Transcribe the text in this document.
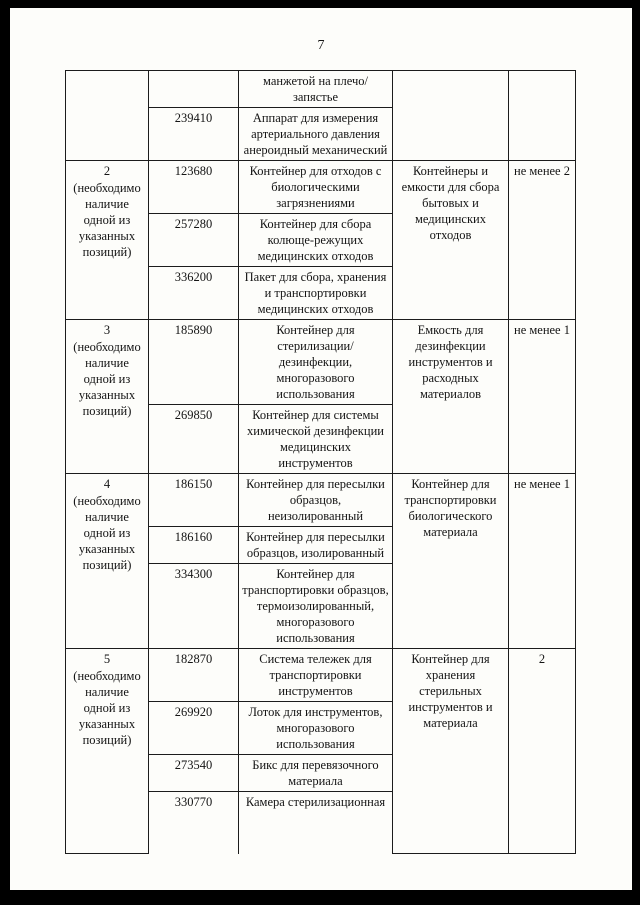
7
		манжетой на плечо/запястье		
	239410	Аппарат для измерения артериального давления анероидный механический		

2
(необходимо наличие одной из указанных позиций)	123680	Контейнер для отходов с биологическими загрязнениями	Контейнеры и емкости для сбора бытовых и медицинских отходов	не менее 2
	257280	Контейнер для сбора колюще-режущих медицинских отходов		
	336200	Пакет для сбора, хранения и транспортировки медицинских отходов		

3
(необходимо наличие одной из указанных позиций)	185890	Контейнер для стерилизации/ дезинфекции, многоразового использования	Емкость для дезинфекции инструментов и расходных материалов	не менее 1
	269850	Контейнер для системы химической дезинфекции медицинских инструментов		

4
(необходимо наличие одной из указанных позиций)	186150	Контейнер для пересылки образцов, неизолированный	Контейнер для транспортировки биологического материала	не менее 1
	186160	Контейнер для пересылки образцов, изолированный		
	334300	Контейнер для транспортировки образцов, термоизолированный, многоразового использования		

5
(необходимо наличие одной из указанных позиций)	182870	Система тележек для транспортировки инструментов	Контейнер для хранения стерильных инструментов и материала	2
	269920	Лоток для инструментов, многоразового использования		
	273540	Бикс для перевязочного материала		
	330770	Камера стерилизационная		
